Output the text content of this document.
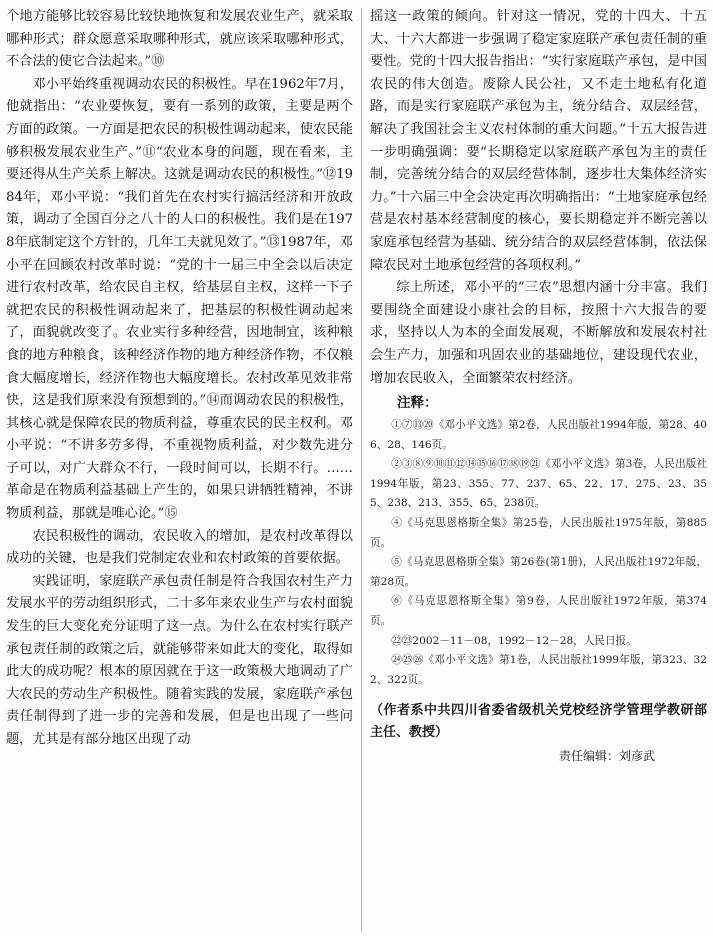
个地方能够比较容易比较快地恢复和发展农业生产，就采取哪种形式；群众愿意采取哪种形式，就应该采取哪种形式，不合法的使它合法起来。”⑩

邓小平始终重视调动农民的积极性。早在1962年7月，他就指出：“农业要恢复，要有一系列的政策，主要是两个方面的政策。一方面是把农民的积极性调动起来，使农民能够积极发展农业生产。”⑪“农业本身的问题，现在看来，主要还得从生产关系上解决。这就是调动农民的积极性。”⑫1984年，邓小平说：“我们首先在农村实行搞活经济和开放政策，调动了全国百分之八十的人口的积极性。我们是在1978年底制定这个方针的，几年工夫就见效了。”⑬1987年，邓小平在回顾农村改革时说：“党的十一届三中全会以后决定进行农村改革，给农民自主权，给基层自主权，这样一下子就把农民的积极性调动起来了，把基层的积极性调动起来了，面貌就改变了。农业实行多种经营，因地制宜，该种粮食的地方种粮食，该种经济作物的地方种经济作物，不仅粮食大幅度增长，经济作物也大幅度增长。农村改革见效非常快，这是我们原来没有预想到的。”⑭而调动农民的积极性，其核心就是保障农民的物质利益，尊重农民的民主权利。邓小平说：“不讲多劳多得，不重视物质利益，对少数先进分子可以，对广大群众不行，一段时间可以，长期不行。……革命是在物质利益基础上产生的，如果只讲牺牲精神，不讲物质利益，那就是唯心论。”⑮

农民积极性的调动，农民收入的增加，是农村改革得以成功的关键，也是我们党制定农业和农村政策的首要依据。

实践证明，家庭联产承包责任制是符合我国农村生产力发展水平的劳动组织形式，二十多年来农业生产与农村面貌发生的巨大变化充分证明了这一点。为什么在农村实行联产承包责任制的政策之后，就能够带来如此大的变化，取得如此大的成功呢？根本的原因就在于这一政策极大地调动了广大农民的劳动生产积极性。随着实践的发展，家庭联产承包责任制得到了进一步的完善和发展，但是也出现了一些问题，尤其是有部分地区出现了动

摇这一政策的倾向。针对这一情况，党的十四大、十五大、十六大都进一步强调了稳定家庭联产承包责任制的重要性。党的十四大报告指出：“实行家庭联产承包，是中国农民的伟大创造。废除人民公社，又不走土地私有化道路，而是实行家庭联产承包为主，统分结合、双层经营，解决了我国社会主义农村体制的重大问题。”十五大报告进一步明确强调：要“长期稳定以家庭联产承包为主的责任制，完善统分结合的双层经营体制，逐步壮大集体经济实力。”十六届三中全会决定再次明确指出：“土地家庭承包经营是农村基本经营制度的核心，要长期稳定并不断完善以家庭承包经营为基础、统分结合的双层经营体制，依法保障农民对土地承包经营的各项权利。”

综上所述，邓小平的“三农”思想内涵十分丰富。我们要围绕全面建设小康社会的目标，按照十六大报告的要求，坚持以人为本的全面发展观，不断解放和发展农村社会生产力，加强和巩固农业的基础地位，建设现代农业，增加农民收入，全面繁荣农村经济。

注释：

①⑦⑬⑳《邓小平文选》第2卷，人民出版社1994年版，第28、406、28、146页。

②③⑧⑨⑩⑪⑫⑭⑮⑯⑰⑱⑲㉑《邓小平文选》第3卷，人民出版社1994年版，第23、355、77、237、65、22、17、275、23、355、238、213、355、65、238页。

④《马克思恩格斯全集》第25卷，人民出版社1975年版，第885页。

⑤《马克思恩格斯全集》第26卷(第1册)，人民出版社1972年版，第28页。

⑥《马克思恩格斯全集》第9卷，人民出版社1972年版，第374页。

㉒㉓2002－11－08，1992－12－28，人民日报。

㉔㉕㉖《邓小平文选》第1卷，人民出版社1999年版，第323、322、322页。

（作者系中共四川省委省级机关党校经济学管理学教研部主任、教授）

责任编辑：刘彦武
